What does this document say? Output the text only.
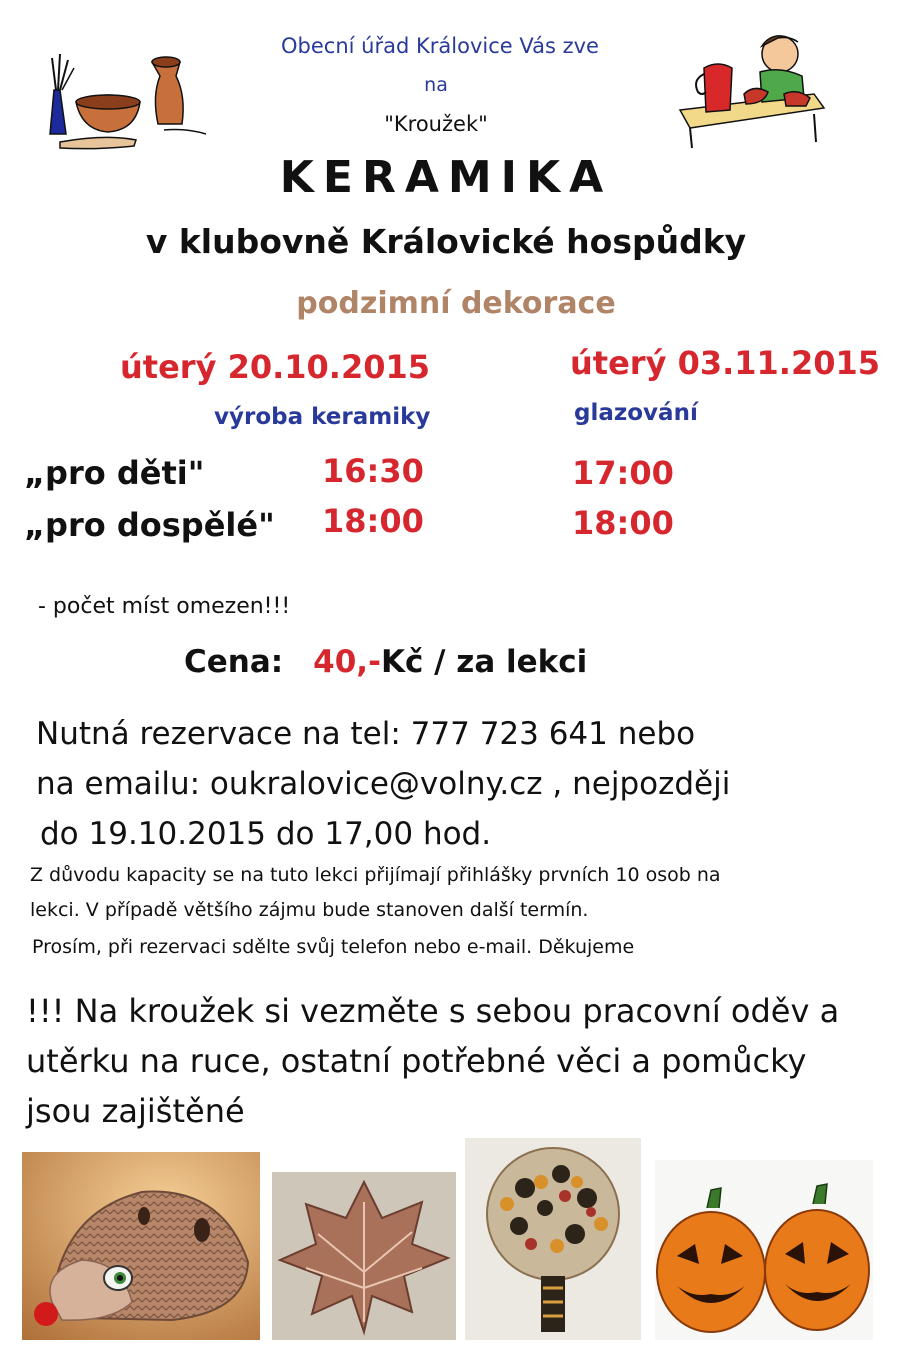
Obecní úřad Královice Vás zve
na
"Kroužek"
KERAMIKA
v klubovně Královické hospůdky
podzimní dekorace
úterý 20.10.2015	úterý 03.11.2015
výroba keramiky	glazování
„pro děti"
„pro dospělé"
16:30
18:00
17:00
18:00
- počet míst omezen!!!
Cena: 40,-Kč / za lekci
Nutná rezervace na tel: 777 723 641 nebo
na emailu: oukralovice@volny.cz , nejpozději
do 19.10.2015 do 17,00 hod.
Z důvodu kapacity se na tuto lekci přijímají přihlášky prvních 10 osob na
lekci. V případě většího zájmu bude stanoven další termín.
Prosím, při rezervaci sdělte svůj telefon nebo e-mail. Děkujeme
!!! Na kroužek si vezměte s sebou pracovní oděv a
utěrku na ruce, ostatní potřebné věci a pomůcky
jsou zajištěné
